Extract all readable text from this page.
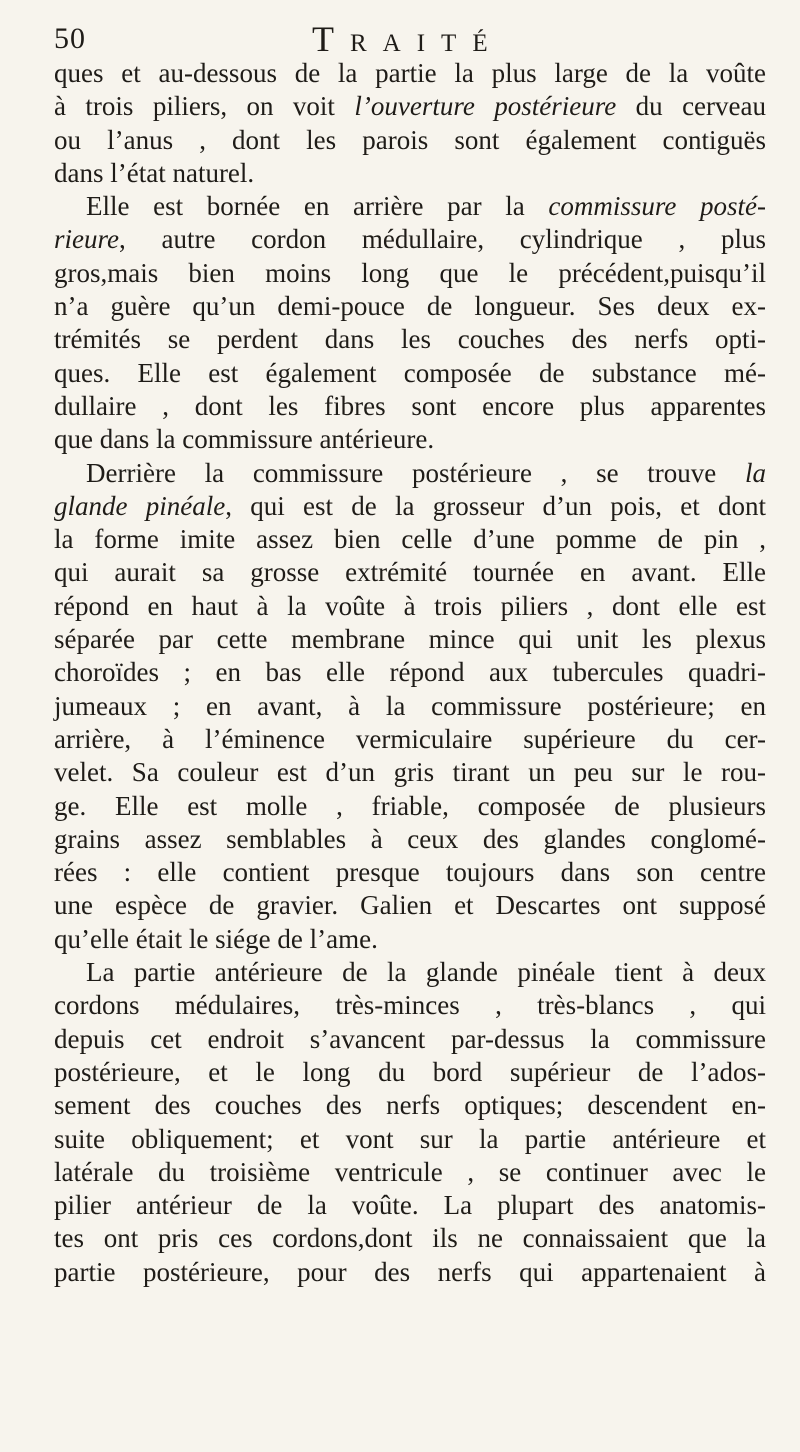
50	Traité
ques et au-dessous de la partie la plus large de la voûte
à trois piliers, on voit l’ouverture postérieure du cerveau
ou l’anus , dont les parois sont également contiguës
dans l’état naturel.
Elle est bornée en arrière par la commissure posté-
rieure, autre cordon médullaire, cylindrique , plus
gros,mais bien moins long que le précédent,puisqu’il
n’a guère qu’un demi-pouce de longueur. Ses deux ex-
trémités se perdent dans les couches des nerfs opti-
ques. Elle est également composée de substance mé-
dullaire , dont les fibres sont encore plus apparentes
que dans la commissure antérieure.
Derrière la commissure postérieure , se trouve la
glande pinéale, qui est de la grosseur d’un pois, et dont
la forme imite assez bien celle d’une pomme de pin ,
qui aurait sa grosse extrémité tournée en avant. Elle
répond en haut à la voûte à trois piliers , dont elle est
séparée par cette membrane mince qui unit les plexus
choroïdes ; en bas elle répond aux tubercules quadri-
jumeaux ; en avant, à la commissure postérieure; en
arrière, à l’éminence vermiculaire supérieure du cer-
velet. Sa couleur est d’un gris tirant un peu sur le rou-
ge. Elle est molle , friable, composée de plusieurs
grains assez semblables à ceux des glandes conglomé-
rées : elle contient presque toujours dans son centre
une espèce de gravier. Galien et Descartes ont supposé
qu’elle était le siége de l’ame.
La partie antérieure de la glande pinéale tient à deux
cordons médulaires, très-minces , très-blancs , qui
depuis cet endroit s’avancent par-dessus la commissure
postérieure, et le long du bord supérieur de l’ados-
sement des couches des nerfs optiques; descendent en-
suite obliquement; et vont sur la partie antérieure et
latérale du troisième ventricule , se continuer avec le
pilier antérieur de la voûte. La plupart des anatomis-
tes ont pris ces cordons,dont ils ne connaissaient que la
partie postérieure, pour des nerfs qui appartenaient à
